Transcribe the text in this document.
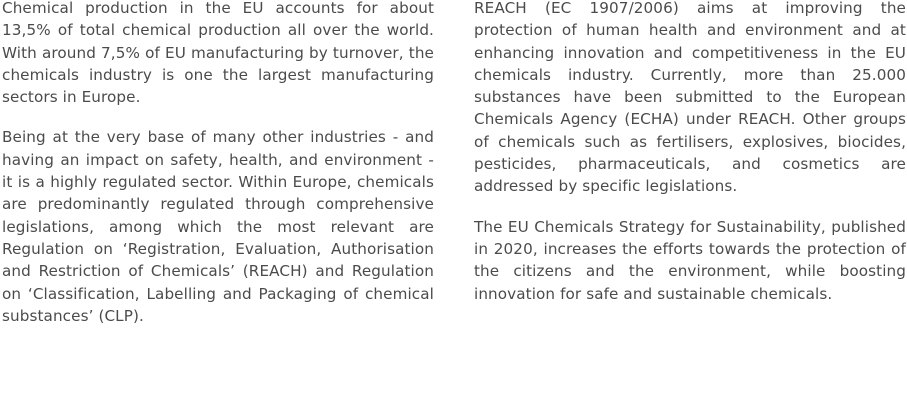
Chemical production in the EU accounts for about 13,5% of total chemical production all over the world. With around 7,5% of EU manufacturing by turnover, the chemicals industry is one the largest manufacturing sectors in Europe.

Being at the very base of many other industries - and having an impact on safety, health, and environment - it is a highly regulated sector. Within Europe, chemicals are predominantly regulated through comprehensive legislations, among which the most relevant are Regulation on ‘Registration, Evaluation, Authorisation and Restriction of Chemicals’ (REACH) and Regulation on ‘Classification, Labelling and Packaging of chemical substances’ (CLP).

REACH (EC 1907/2006) aims at improving the protection of human health and environment and at enhancing innovation and competitiveness in the EU chemicals industry. Currently, more than 25.000 substances have been submitted to the European Chemicals Agency (ECHA) under REACH. Other groups of chemicals such as fertilisers, explosives, biocides, pesticides, pharmaceuticals, and cosmetics are addressed by specific legislations.

The EU Chemicals Strategy for Sustainability, published in 2020, increases the efforts towards the protection of the citizens and the environment, while boosting innovation for safe and sustainable chemicals.
